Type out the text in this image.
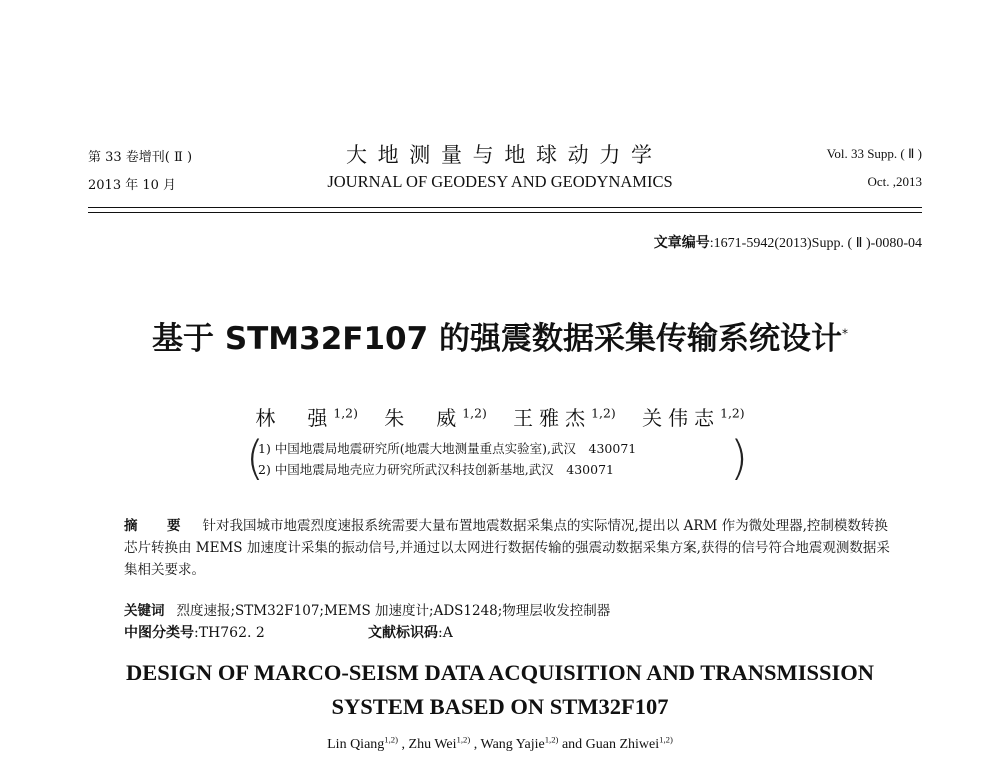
第 33 卷增刊( Ⅱ )
2013 年 10 月
大 地 测 量 与 地 球 动 力 学
JOURNAL OF GEODESY AND GEODYNAMICS
Vol. 33 Supp. ( Ⅱ )
Oct. ,2013
文章编号:1671-5942(2013)Supp. ( Ⅱ )-0080-04
基于 STM32F107 的强震数据采集传输系统设计*
林　强$^{1,2)}$ 朱　威$^{1,2)}$ 王雅杰$^{1,2)}$ 关伟志$^{1,2)}$
(
1) 中国地震局地震研究所(地震大地测量重点实验室),武汉　430071
2) 中国地震局地壳应力研究所武汉科技创新基地,武汉　430071	)
摘　要 针对我国城市地震烈度速报系统需要大量布置地震数据采集点的实际情况,提出以 ARM 作为微处理器,控制模数转换芯片转换由 MEMS 加速度计采集的振动信号,并通过以太网进行数据传输的强震动数据采集方案,获得的信号符合地震观测数据采集相关要求。
关键词 烈度速报;STM32F107;MEMS 加速度计;ADS1248;物理层收发控制器
中图分类号:TH762. 2	文献标识码:A
DESIGN OF MARCO-SEISM DATA ACQUISITION AND TRANSMISSION
SYSTEM BASED ON STM32F107
Lin Qiang$^{1,2)}$ , Zhu Wei$^{1,2)}$ , Wang Yajie$^{1,2)}$ and Guan Zhiwei$^{1,2)}$
